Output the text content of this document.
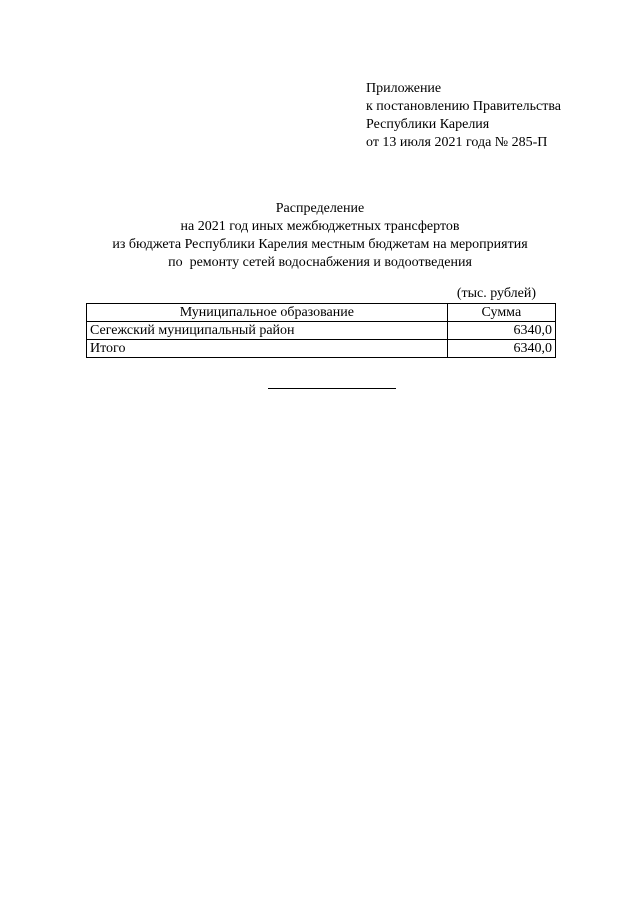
Приложение
к постановлению Правительства
Республики Карелия
от 13 июля 2021 года № 285-П
Распределение
на 2021 год иных межбюджетных трансфертов
из бюджета Республики Карелия местным бюджетам на мероприятия
по  ремонту сетей водоснабжения и водоотведения
(тыс. рублей)
Муниципальное образование	Сумма
Сегежский муниципальный район	6340,0
Итого	6340,0
